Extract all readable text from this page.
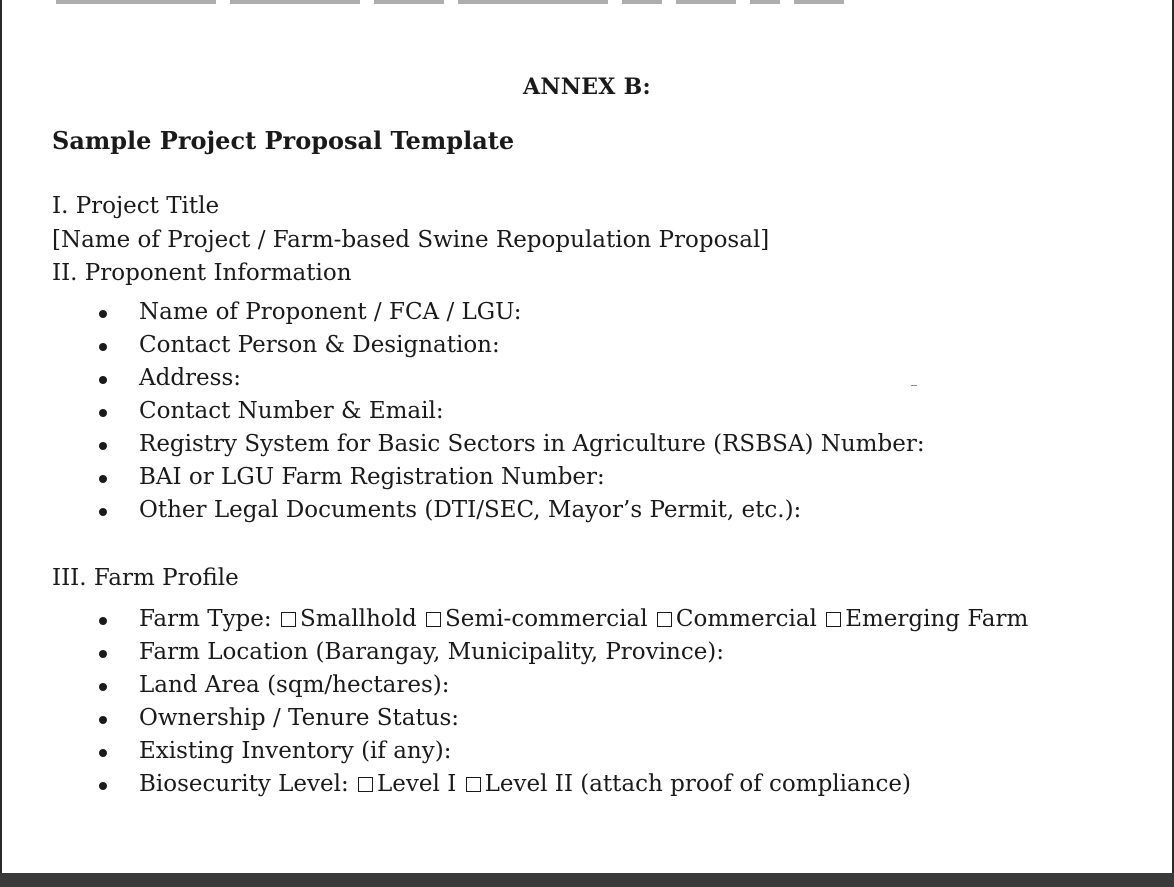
ANNEX B:
Sample Project Proposal Template
I. Project Title
[Name of Project / Farm-based Swine Repopulation Proposal]
II. Proponent Information
Name of Proponent / FCA / LGU:
Contact Person & Designation:
Address:
Contact Number & Email:
Registry System for Basic Sectors in Agriculture (RSBSA) Number:
BAI or LGU Farm Registration Number:
Other Legal Documents (DTI/SEC, Mayor’s Permit, etc.):
III. Farm Profile
Farm Type: Smallhold Semi-commercial Commercial Emerging Farm
Farm Location (Barangay, Municipality, Province):
Land Area (sqm/hectares):
Ownership / Tenure Status:
Existing Inventory (if any):
Biosecurity Level: Level I Level II (attach proof of compliance)
